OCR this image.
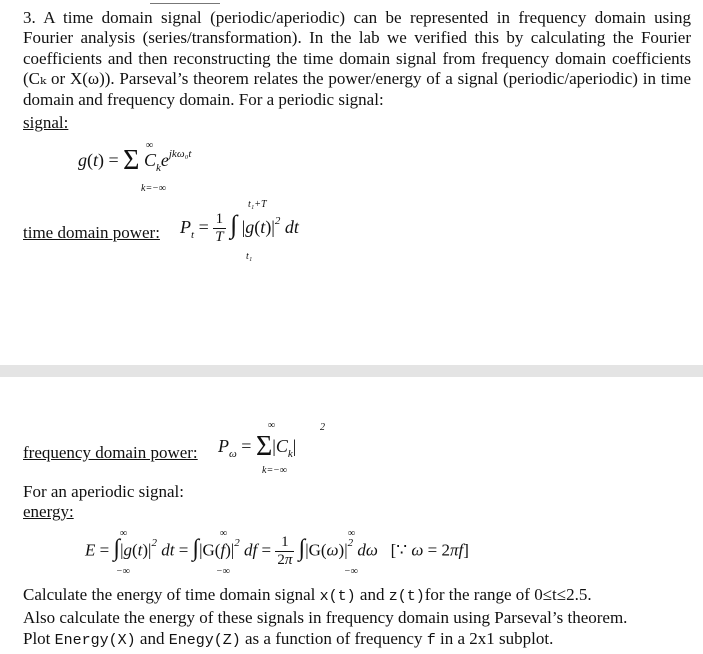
3. A time domain signal (periodic/aperiodic) can be represented in frequency domain using Fourier analysis (series/transformation). In the lab we verified this by calculating the Fourier coefficients and then reconstructing the time domain signal from frequency domain coefficients (Cₖ or X(ω)). Parseval’s theorem relates the power/energy of a signal (periodic/aperiodic) in time domain and frequency domain. For a periodic signal:
signal:
g(t) = Σ $C_ke^{jk\omega_0t}$
∞
k=−∞
time domain power: $P_t = \frac{1}{T}$ ∫ $|g(t)|^2$ dt
t₁+T
t₁
frequency domain power: $P_\omega = \Sigma|C_k|$
∞
k=−∞
2
For an aperiodic signal:
energy:
$E = \int|g(t)|^2$ dt = $\int|G(f)|^2$ df = $\frac{1}{2\pi} \int|G(\omega)|^2$ dω   [∵ ω = 2πf]
∞
−∞
∞
−∞
∞
−∞
Calculate the energy of time domain signal x(t) and z(t)for the range of 0≤t≤2.5.
Also calculate the energy of these signals in frequency domain using Parseval’s theorem.
Plot Energy(X) and Enegy(Z) as a function of frequency f in a 2x1 subplot.
